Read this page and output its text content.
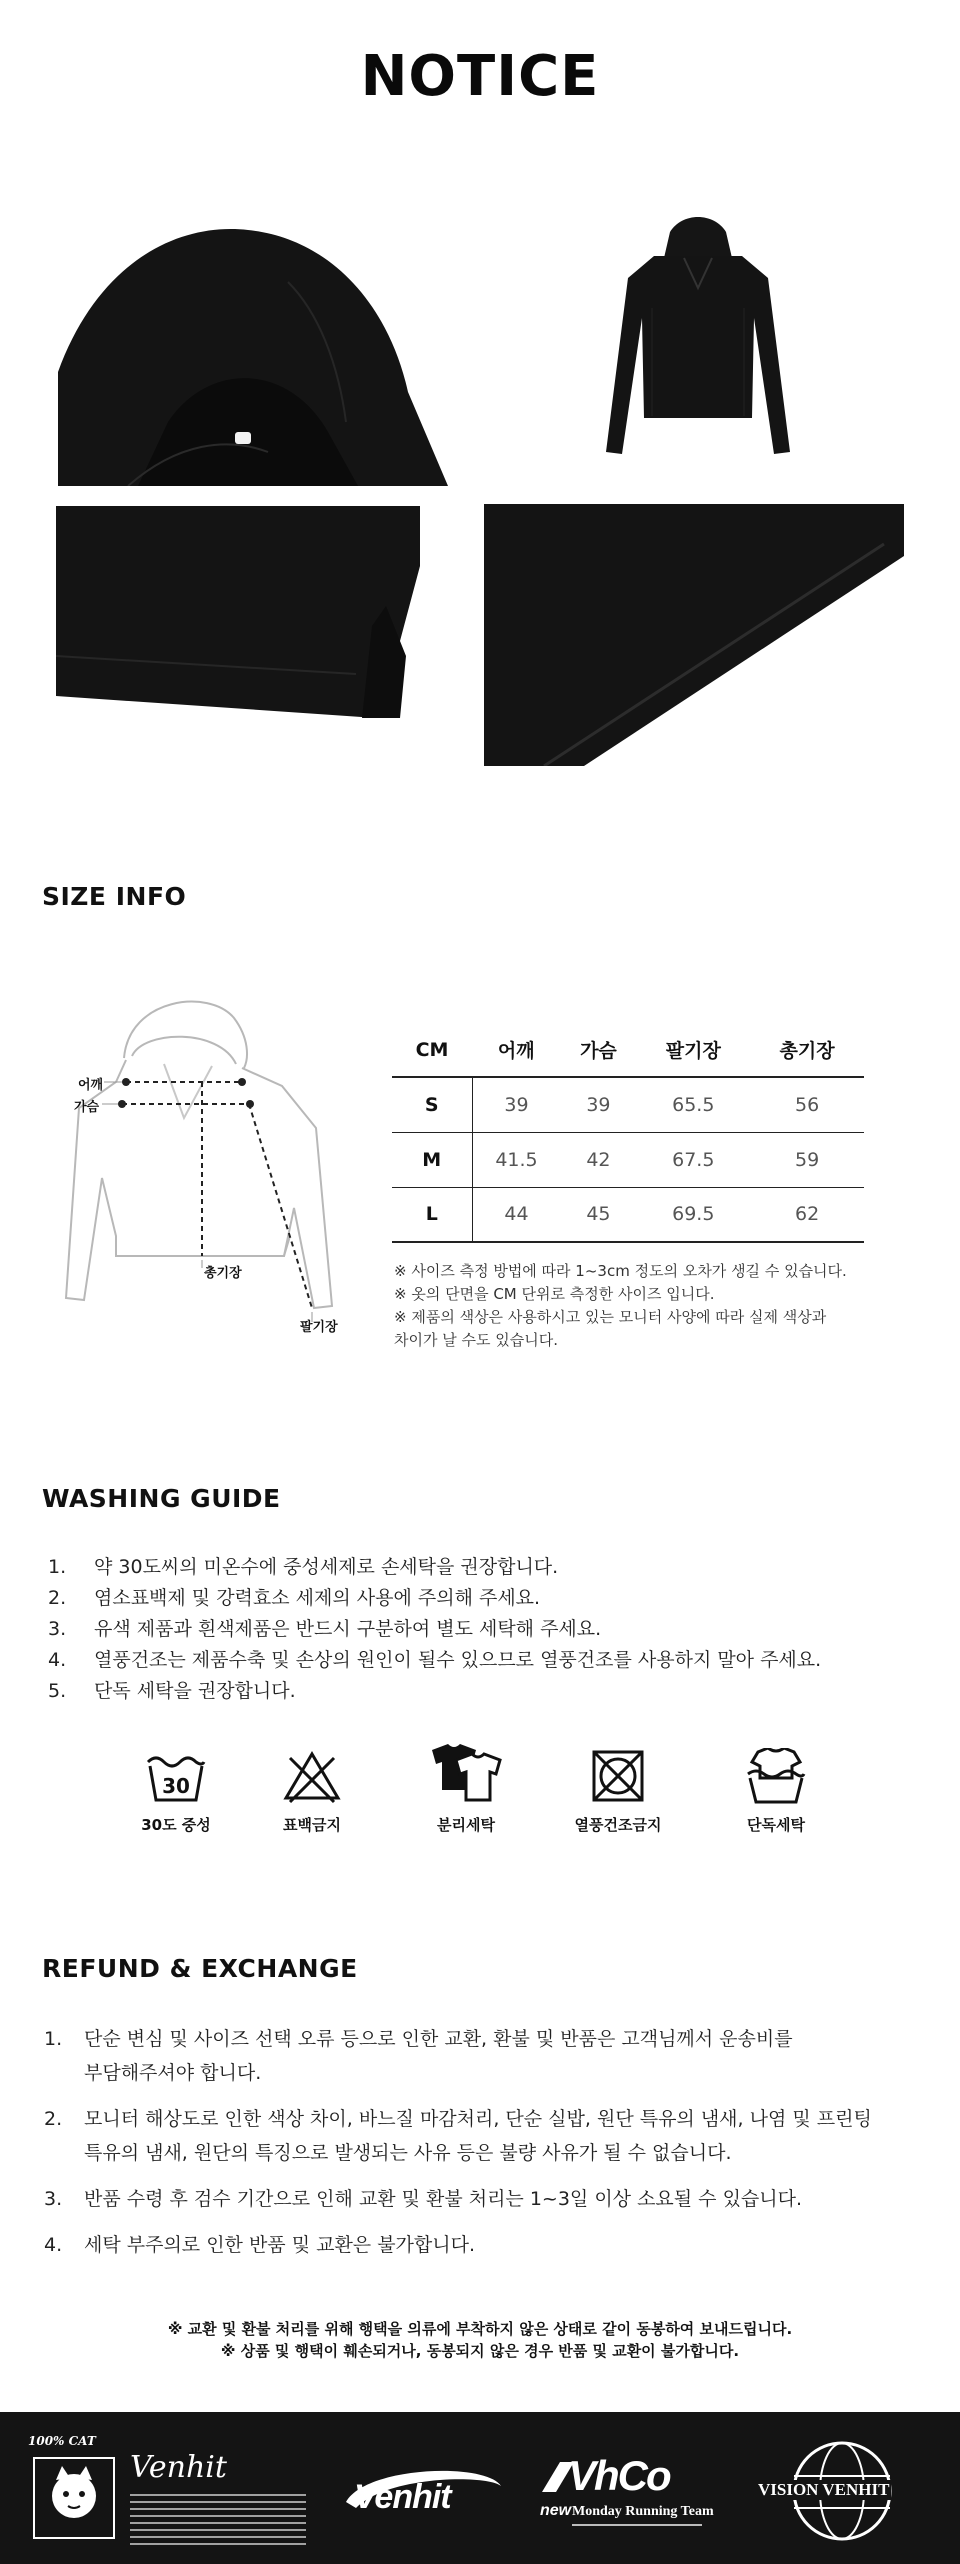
NOTICE
SIZE INFO
어깨
가슴
총기장
팔기장
CM	어깨	가슴	팔기장	총기장
S	39	39	65.5	56
M	41.5	42	67.5	59
L	44	45	69.5	62
※ 사이즈 측정 방법에 따라 1~3cm 정도의 오차가 생길 수 있습니다.
※ 옷의 단면을 CM 단위로 측정한 사이즈 입니다.
※ 제품의 색상은 사용하시고 있는 모니터 사양에 따라 실제 색상과
차이가 날 수도 있습니다.
WASHING GUIDE
1.	약 30도씨의 미온수에 중성세제로 손세탁을 권장합니다.
2.	염소표백제 및 강력효소 세제의 사용에 주의해 주세요.
3.	유색 제품과 흰색제품은 반드시 구분하여 별도 세탁해 주세요.
4.	열풍건조는 제품수축 및 손상의 원인이 될수 있으므로 열풍건조를 사용하지 말아 주세요.
5.	단독 세탁을 권장합니다.
30
30도 중성	표백금지	분리세탁	열풍건조금지	단독세탁
REFUND & EXCHANGE
1.	단순 변심 및 사이즈 선택 오류 등으로 인한 교환, 환불 및 반품은 고객님께서 운송비를
부담해주셔야 합니다.
2.	모니터 해상도로 인한 색상 차이, 바느질 마감처리, 단순 실밥, 원단 특유의 냄새, 나염 및 프린팅
특유의 냄새, 원단의 특징으로 발생되는 사유 등은 불량 사유가 될 수 없습니다.
3.	반품 수령 후 검수 기간으로 인해 교환 및 환불 처리는 1~3일 이상 소요될 수 있습니다.
4.	세탁 부주의로 인한 반품 및 교환은 불가합니다.
※ 교환 및 환불 처리를 위해 행택을 의류에 부착하지 않은 상태로 같이 동봉하여 보내드립니다.
※ 상품 및 행택이 훼손되거나, 동봉되지 않은 경우 반품 및 교환이 불가합니다.
100% CAT
Venhit
Venhit	VhCo
new Monday Running Team
VISION VENHIT
